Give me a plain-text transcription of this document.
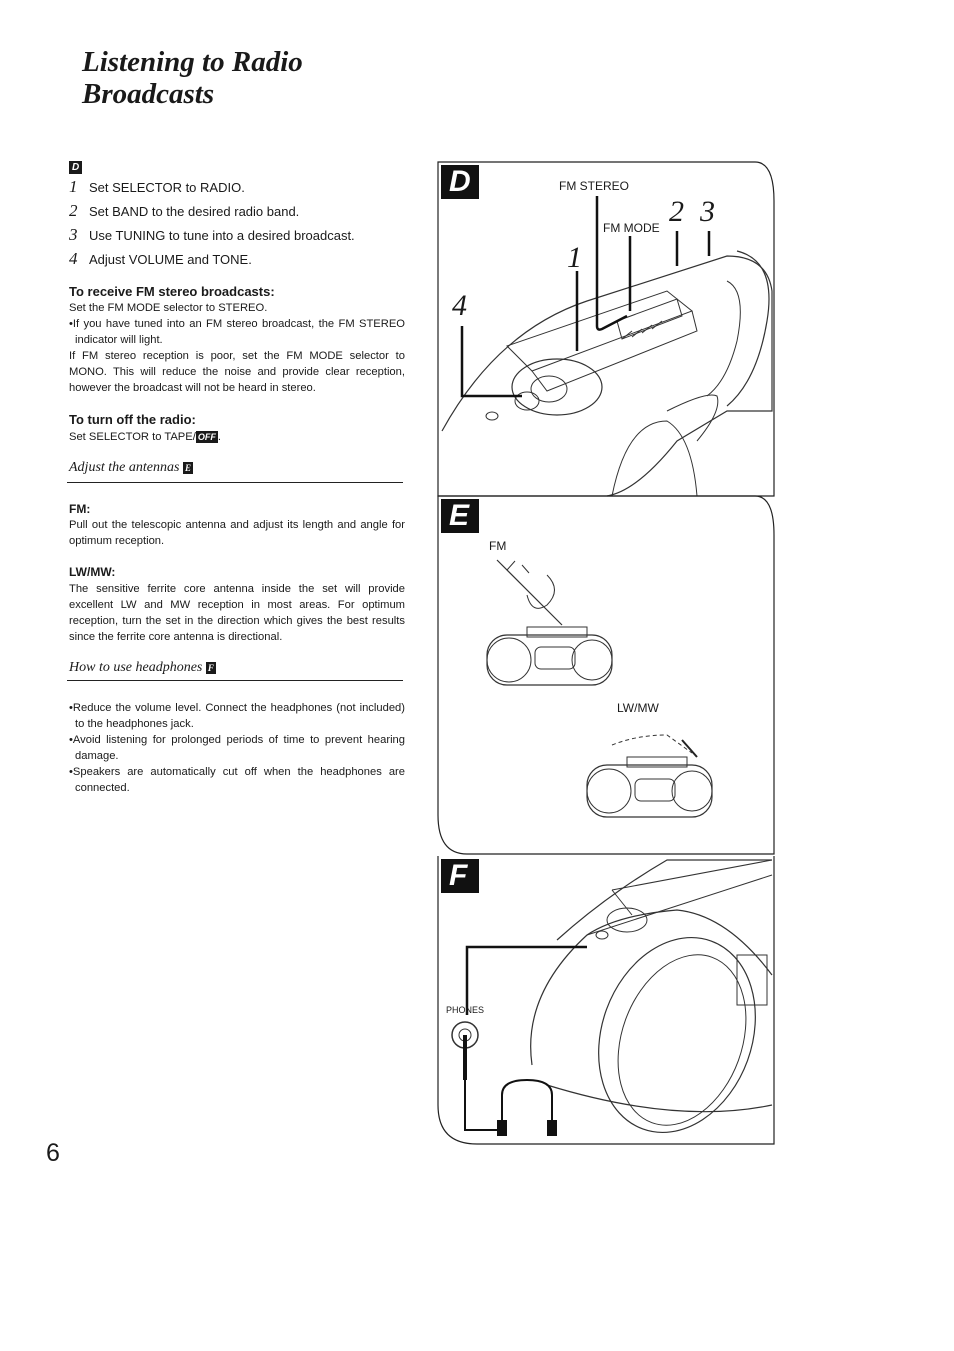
Listening to Radio
Broadcasts
D
1 Set SELECTOR to RADIO.
2 Set BAND to the desired radio band.
3 Use TUNING to tune into a desired broadcast.
4 Adjust VOLUME and TONE.
To receive FM stereo broadcasts:
Set the FM MODE selector to STEREO.
•If you have tuned into an FM stereo broadcast, the FM STEREO indicator will light.
If FM stereo reception is poor, set the FM MODE selector to MONO. This will reduce the noise and provide clear reception, however the broadcast will not be heard in stereo.
To turn off the radio:
Set SELECTOR to TAPE/ OFF .
Adjust the antennas E
FM:
Pull out the telescopic antenna and adjust its length and angle for optimum reception.
LW/MW:
The sensitive ferrite core antenna inside the set will provide excellent LW and MW reception in most areas. For optimum reception, turn the set in the direction which gives the best results since the ferrite core antenna is directional.
How to use headphones F
•Reduce the volume level. Connect the headphones (not included) to the headphones jack.
•Avoid listening for prolonged periods of time to prevent hearing damage.
•Speakers are automatically cut off when the headphones are connected.
D	FM STEREO
FM MODE
1
2 3
4
E
FM
LW/MW
F
PHONES
6
